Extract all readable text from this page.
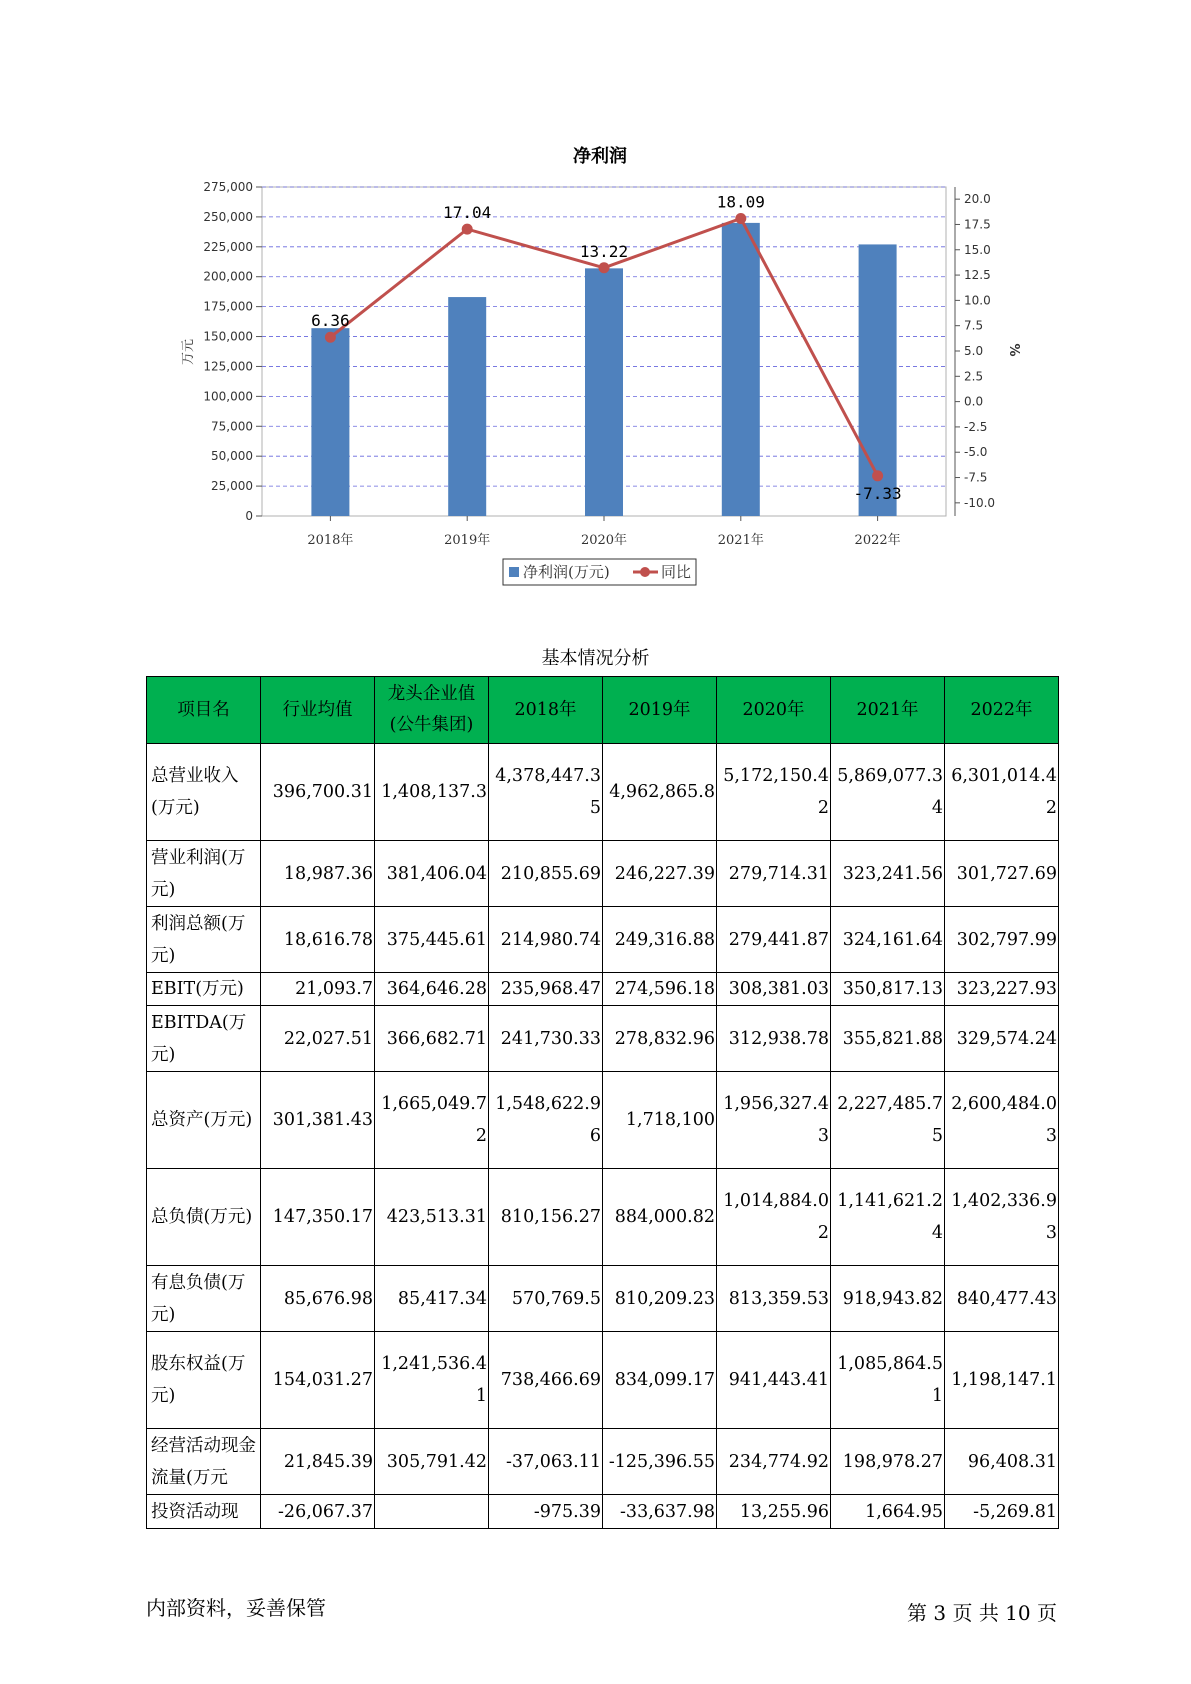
净利润
275,000
250,000
225,000
200,000
175,000
150,000
125,000
100,000
75,000
50,000
25,000
0
20.0
17.5
15.0
12.5
10.0
7.5
5.0
2.5
0.0
-2.5
-5.0
-7.5
-10.0
万元	%
2018年	2019年	2020年	2021年	2022年
6.36
17.04
13.22
18.09
-7.33
净利润(万元)	同比
基本情况分析
项目名	行业均值	龙头企业值(公牛集团)	2018年	2019年	2020年	2021年	2022年
总营业收入(万元)	396,700.31	1,408,137.3	4,378,447.35	4,962,865.8	5,172,150.42	5,869,077.34	6,301,014.42
营业利润(万元)	18,987.36	381,406.04	210,855.69	246,227.39	279,714.31	323,241.56	301,727.69
利润总额(万元)	18,616.78	375,445.61	214,980.74	249,316.88	279,441.87	324,161.64	302,797.99
EBIT(万元)	21,093.7	364,646.28	235,968.47	274,596.18	308,381.03	350,817.13	323,227.93
EBITDA(万元)	22,027.51	366,682.71	241,730.33	278,832.96	312,938.78	355,821.88	329,574.24
总资产(万元)	301,381.43	1,665,049.72	1,548,622.96	1,718,100	1,956,327.43	2,227,485.75	2,600,484.03
总负债(万元)	147,350.17	423,513.31	810,156.27	884,000.82	1,014,884.02	1,141,621.24	1,402,336.93
有息负债(万元)	85,676.98	85,417.34	570,769.5	810,209.23	813,359.53	918,943.82	840,477.43
股东权益(万元)	154,031.27	1,241,536.41	738,466.69	834,099.17	941,443.41	1,085,864.51	1,198,147.1
经营活动现金流量(万元	21,845.39	305,791.42	-37,063.11	-125,396.55	234,774.92	198,978.27	96,408.31
投资活动现	-26,067.37		-975.39	-33,637.98	13,255.96	1,664.95	-5,269.81
内部资料，妥善保管	第 3 页 共 10 页
